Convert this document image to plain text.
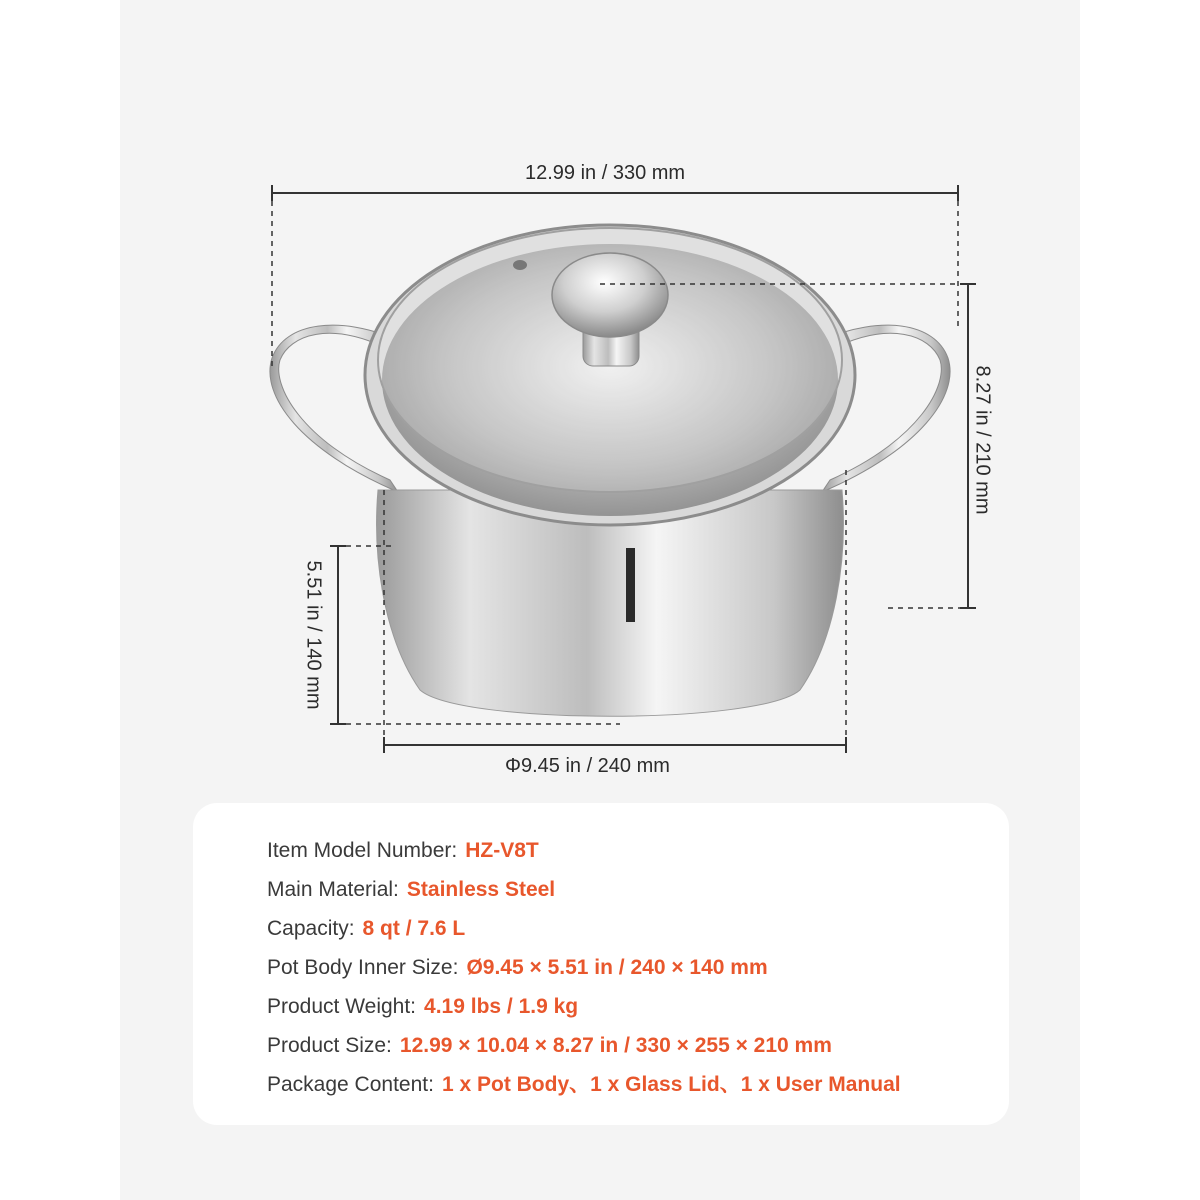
12.99 in / 330 mm
8.27 in / 210 mm
5.51 in / 140 mm
Φ9.45 in / 240 mm
Item Model Number: HZ-V8T
Main Material: Stainless Steel
Capacity: 8 qt / 7.6 L
Pot Body Inner Size: Ø9.45 × 5.51 in / 240 × 140 mm
Product Weight: 4.19 lbs / 1.9 kg
Product Size: 12.99 × 10.04 × 8.27 in / 330 × 255 × 210 mm
Package Content: 1 x Pot Body、1 x Glass Lid、1 x User Manual
